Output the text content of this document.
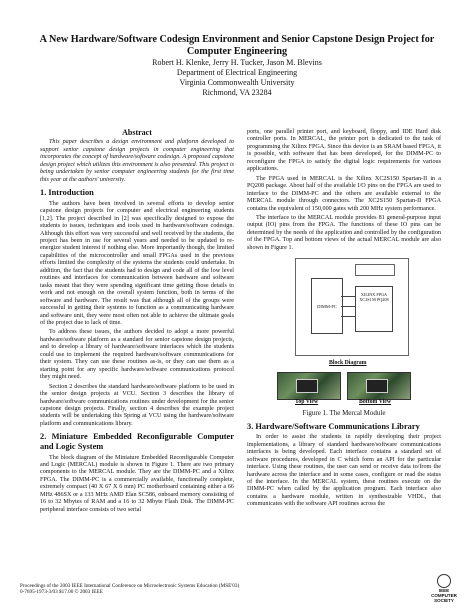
A New Hardware/Software Codesign Environment and Senior Capstone Design Project for Computer Engineering
Robert H. Klenke, Jerry H. Tucker, Jason M. Blevins
Department of Electrical Engineering
Virginia Commonwealth University
Richmond, VA 23284
Abstract

This paper describes a design environment and platform developed to support senior capstone design projects in computer engineering that incorporates the concept of hardware/software codesign. A proposed capstone design project which utilizes this environment is also presented. This project is being undertaken by senior computer engineering students for the first time this year at the authors' university.

1. Introduction

The authors have been involved in several efforts to develop senior capstone design projects for computer and electrical engineering students [1,2]. The project described in [2] was specifically designed to expose the students to issues, techniques and tools used in hardware/software codesign. Although this effort was very successful and well received by the students, the project has been in use for several years and needed to be updated to re-energize student interest if nothing else. More importantly though, the limited capabilities of the microcontroller and small FPGAs used in the previous efforts limited the complexity of the systems the students could undertake. In addition, the fact that the students had to design and code all of the low level routines and interfaces for communication between hardware and software tasks meant that they were spending significant time getting those details to work and not enough on the overall system function, both in terms of the software and hardware. The result was that although all of the groups were successful in getting their systems to function as a communicating hardware and software unit, they were most often not able to achieve the ultimate goals of the project due to lack of time.

To address these issues, the authors decided to adopt a more powerful hardware/software platform as a standard for senior capstone design projects, and to develop a library of hardware/software interfaces which the students could use to implement the required hardware/software communications for their system. They can use these routines as-is, or they can use them as a starting point for any specific hardware/software communications protocol they might need.

Section 2 describes the standard hardware/software platform to be used in the senior design projects at VCU. Section 3 describes the library of hardware/software communications routines under development for the senior capstone design projects. Finally, section 4 describes the example project students will be undertaking this Spring at VCU using the hardware/software platform and communications library.

2. Miniature Embedded Reconfigurable Computer and Logic System

The block diagram of the Miniature Embedded Reconfigurable Computer and Logic (MERCAL) module is shown in Figure 1. There are two primary components to the MERCAL module. They are the DIMM-PC and a Xilinx FPGA. The DIMM-PC is a commercially available, functionally complete, extremely compact (40 X 67 X 6 mm) PC motherboard containing either a 66 MHz 486SX or a 133 MHz AMD Elan SC586, onboard memory consisting of 16 to 32 Mbytes of RAM and a 16 to 32 Mbyte Flash Disk. The DIMM-PC peripheral interface consists of two serial

ports, one parallel printer port, and keyboard, floppy, and IDE Hard disk controller ports. In MERCAL, the printer port is dedicated to the task of programming the Xilinx FPGA. Since this device is an SRAM based FPGA, it is possible, with software that has been developed, for the DIMM-PC to reconfigure the FPGA to satisfy the digital logic requirements for various applications.

The FPGA used in MERCAL is the Xilinx XC2S150 Spartan-II in a PQ208 package. About half of the available I/O pins on the FPGA are used to interface to the DIMM-PC and the others are available external to the MERCAL module through connectors. The XC2S150 Spartan-II FPGA contains the equivalent of 150,000 gates with 200 MHz system performance.

The interface to the MERCAL module provides 81 general-purpose input output (IO) pins from the FPGA. The functions of these IO pins can be determined by the needs of the application and controlled by the configuration of the FPGA. Top and bottom views of the actual MERCAL module are also shown in Figure 1.

DIMM-PC
XILINX FPGA
XC2S150 PQ208
Block Diagram
Top View	Bottom View
Figure 1. The Mercal Module
3. Hardware/Software Communications Library

In order to assist the students in rapidly developing their project implementations, a library of standard hardware/software communications interfaces is being developed. Each interface contains a standard set of software procedures, developed in C which form an API for the particular interface. Using these routines, the user can send or receive data to/from the hardware across the interface and in some cases, configure or read the status of the interface. In the MERCAL system, these routines execute on the DIMM-PC when called by the application program. Each interface also contains a hardware module, written in synthesizable VHDL, that communicates with the software API routines across the

Proceedings of the 2003 IEEE International Conference on Microelectronic Systems Education (MSE'03)
0-7695-1973-3/03 $17.00 © 2003 IEEE	IEEE
COMPUTER
SOCIETY
